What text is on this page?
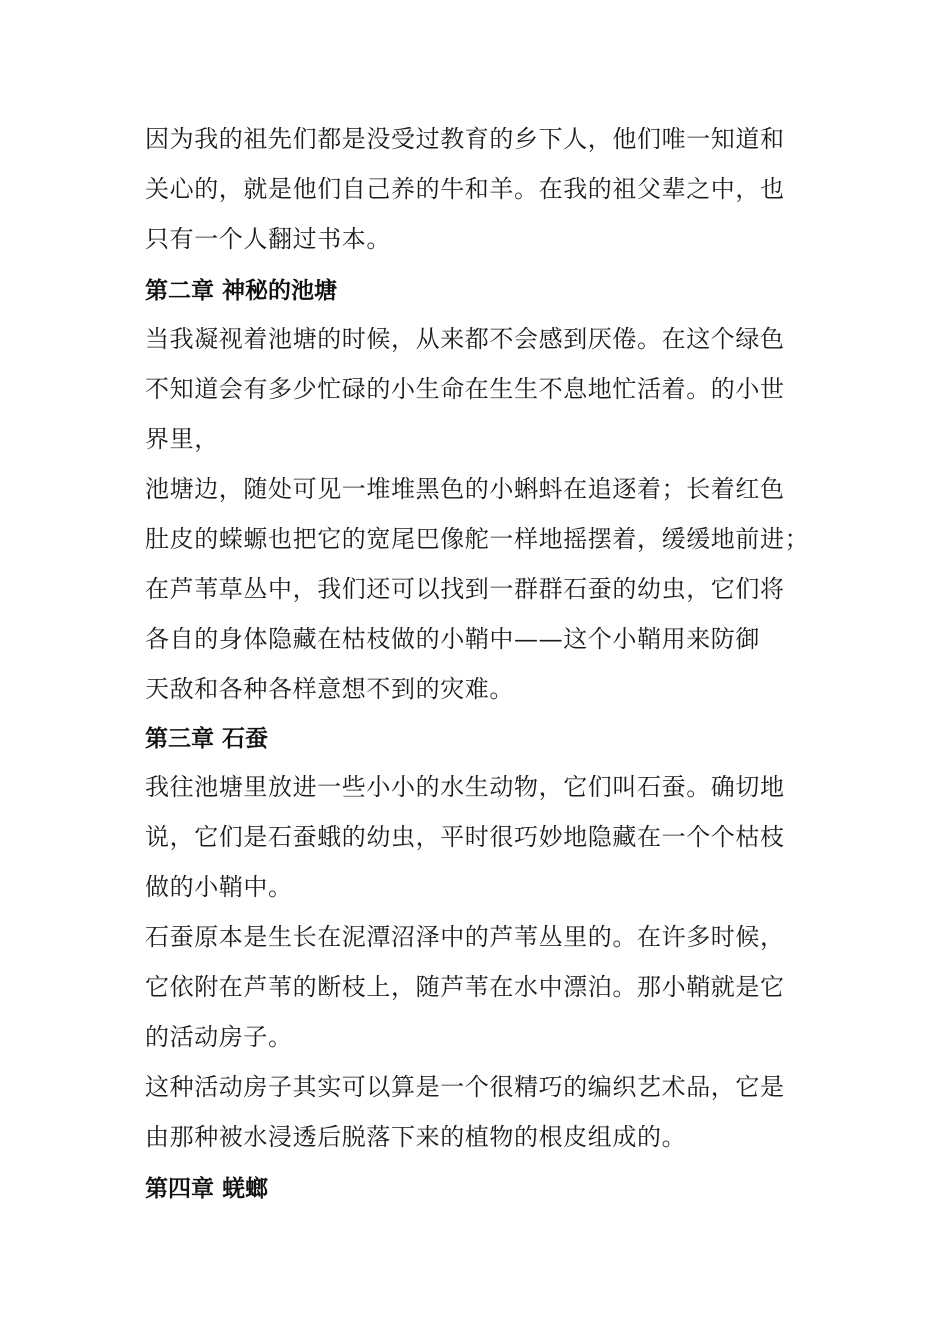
因为我的祖先们都是没受过教育的乡下人，他们唯一知道和
关心的，就是他们自己养的牛和羊。在我的祖父辈之中，也
只有一个人翻过书本。
第二章 神秘的池塘
当我凝视着池塘的时候，从来都不会感到厌倦。在这个绿色
不知道会有多少忙碌的小生命在生生不息地忙活着。的小世
界里，
池塘边，随处可见一堆堆黑色的小蝌蚪在追逐着；长着红色
肚皮的蝾螈也把它的宽尾巴像舵一样地摇摆着，缓缓地前进；
在芦苇草丛中，我们还可以找到一群群石蚕的幼虫，它们将
各自的身体隐藏在枯枝做的小鞘中——这个小鞘用来防御
天敌和各种各样意想不到的灾难。
第三章 石蚕
我往池塘里放进一些小小的水生动物，它们叫石蚕。确切地
说，它们是石蚕蛾的幼虫，平时很巧妙地隐藏在一个个枯枝
做的小鞘中。
石蚕原本是生长在泥潭沼泽中的芦苇丛里的。在许多时候，
它依附在芦苇的断枝上，随芦苇在水中漂泊。那小鞘就是它
的活动房子。
这种活动房子其实可以算是一个很精巧的编织艺术品，它是
由那种被水浸透后脱落下来的植物的根皮组成的。
第四章 蜣螂
